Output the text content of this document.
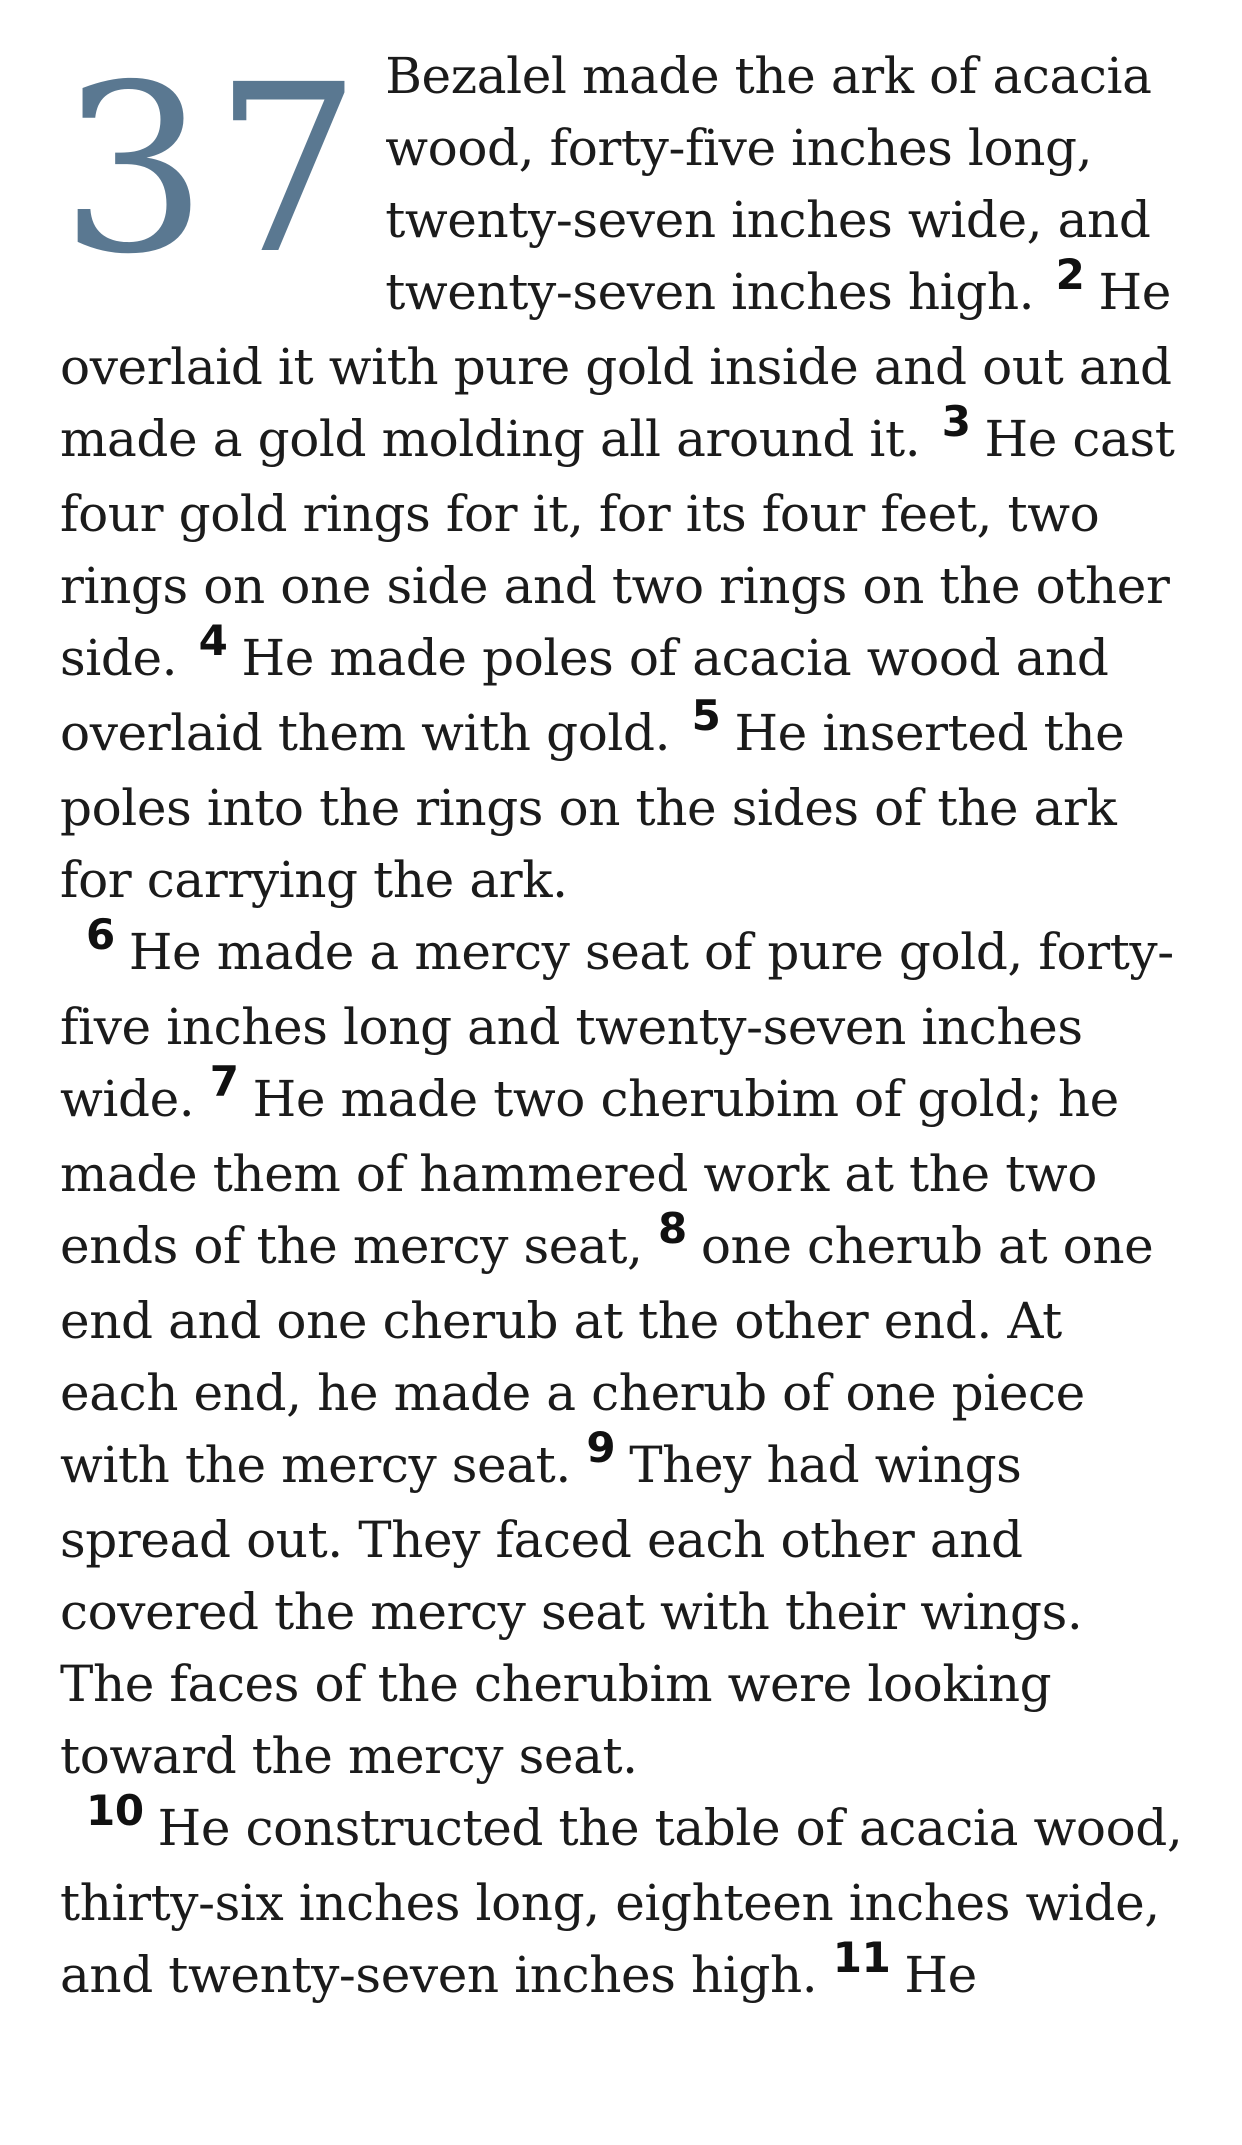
37 Bezalel made the ark of acacia wood, forty-five inches long, twenty-seven inches wide, and twenty-seven inches high. $^2$ He overlaid it with pure gold inside and out and made a gold molding all around it. $^3$ He cast four gold rings for it, for its four feet, two rings on one side and two rings on the other side. $^4$ He made poles of acacia wood and overlaid them with gold. $^5$ He inserted the poles into the rings on the sides of the ark for carrying the ark.

$^6$ He made a mercy seat of pure gold, forty-five inches long and twenty-seven inches wide. $^7$ He made two cherubim of gold; he made them of hammered work at the two ends of the mercy seat, $^8$ one cherub at one end and one cherub at the other end. At each end, he made a cherub of one piece with the mercy seat. $^9$ They had wings spread out. They faced each other and covered the mercy seat with their wings. The faces of the cherubim were looking toward the mercy seat.

$^{10}$ He constructed the table of acacia wood, thirty-six inches long, eighteen inches wide, and twenty-seven inches high. $^{11}$ He
